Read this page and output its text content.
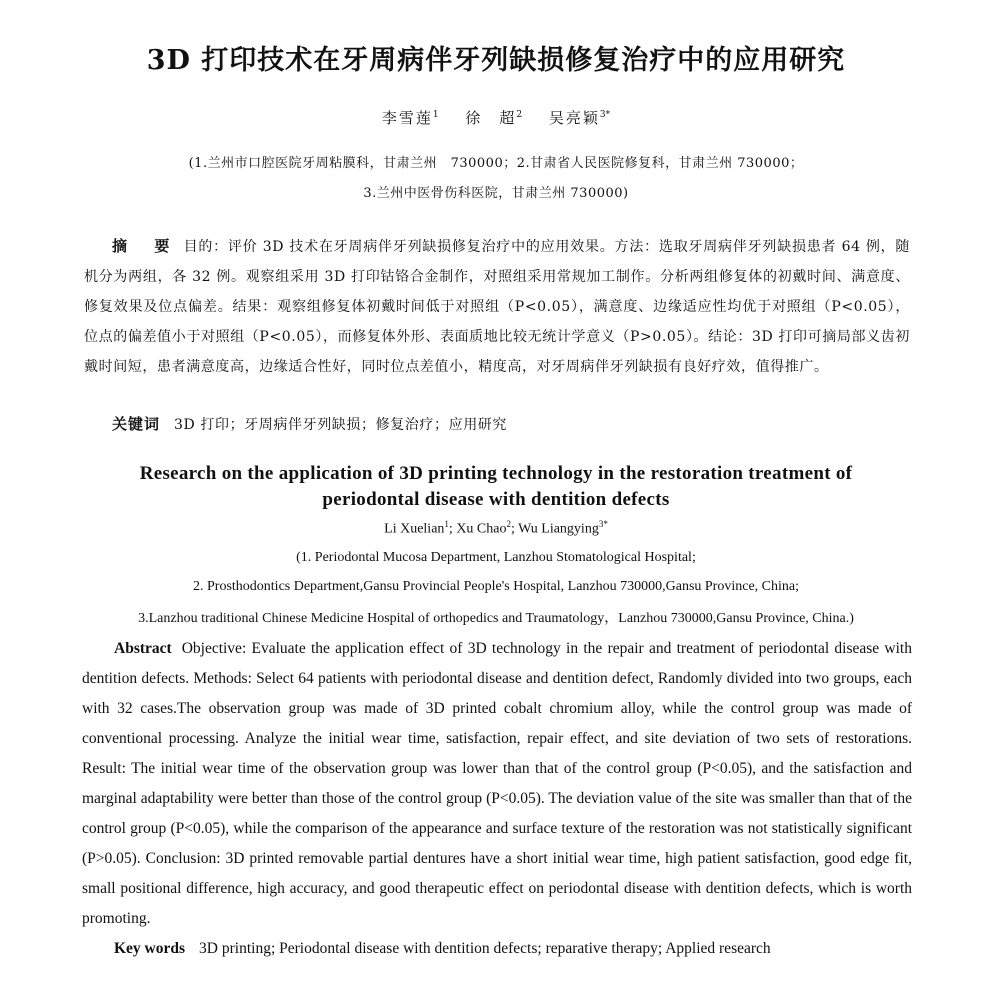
3D 打印技术在牙周病伴牙列缺损修复治疗中的应用研究
李雪莲$^1$ 徐　超$^2$ 吴亮颖$^{3*}$
(1.兰州市口腔医院牙周粘膜科，甘肃兰州　730000；2.甘肃省人民医院修复科，甘肃兰州 730000；
3.兰州中医骨伤科医院，甘肃兰州 730000)
摘　要 目的：评价 3D 技术在牙周病伴牙列缺损修复治疗中的应用效果。方法：选取牙周病伴牙列缺损患者 64 例，随机分为两组，各 32 例。观察组采用 3D 打印钴铬合金制作，对照组采用常规加工制作。分析两组修复体的初戴时间、满意度、修复效果及位点偏差。结果：观察组修复体初戴时间低于对照组（P<0.05），满意度、边缘适应性均优于对照组（P<0.05），位点的偏差值小于对照组（P<0.05），而修复体外形、表面质地比较无统计学意义（P>0.05）。结论：3D 打印可摘局部义齿初戴时间短，患者满意度高，边缘适合性好，同时位点差值小，精度高，对牙周病伴牙列缺损有良好疗效，值得推广。
关键词 3D 打印；牙周病伴牙列缺损；修复治疗；应用研究
Research on the application of 3D printing technology in the restoration treatment of periodontal disease with dentition defects
Li Xuelian$^1$; Xu Chao$^2$; Wu Liangying$^{3*}$
(1. Periodontal Mucosa Department, Lanzhou Stomatological Hospital;
2. Prosthodontics Department,Gansu Provincial People's Hospital, Lanzhou 730000,Gansu Province, China;
3.Lanzhou traditional Chinese Medicine Hospital of orthopedics and Traumatology，Lanzhou 730000,Gansu Province, China.)
Abstract Objective: Evaluate the application effect of 3D technology in the repair and treatment of periodontal disease with dentition defects. Methods: Select 64 patients with periodontal disease and dentition defect, Randomly divided into two groups, each with 32 cases.The observation group was made of 3D printed cobalt chromium alloy, while the control group was made of conventional processing. Analyze the initial wear time, satisfaction, repair effect, and site deviation of two sets of restorations. Result: The initial wear time of the observation group was lower than that of the control group (P<0.05), and the satisfaction and marginal adaptability were better than those of the control group (P<0.05). The deviation value of the site was smaller than that of the control group (P<0.05), while the comparison of the appearance and surface texture of the restoration was not statistically significant (P>0.05). Conclusion: 3D printed removable partial dentures have a short initial wear time, high patient satisfaction, good edge fit, small positional difference, high accuracy, and good therapeutic effect on periodontal disease with dentition defects, which is worth promoting.
Key words 3D printing; Periodontal disease with dentition defects; reparative therapy; Applied research
